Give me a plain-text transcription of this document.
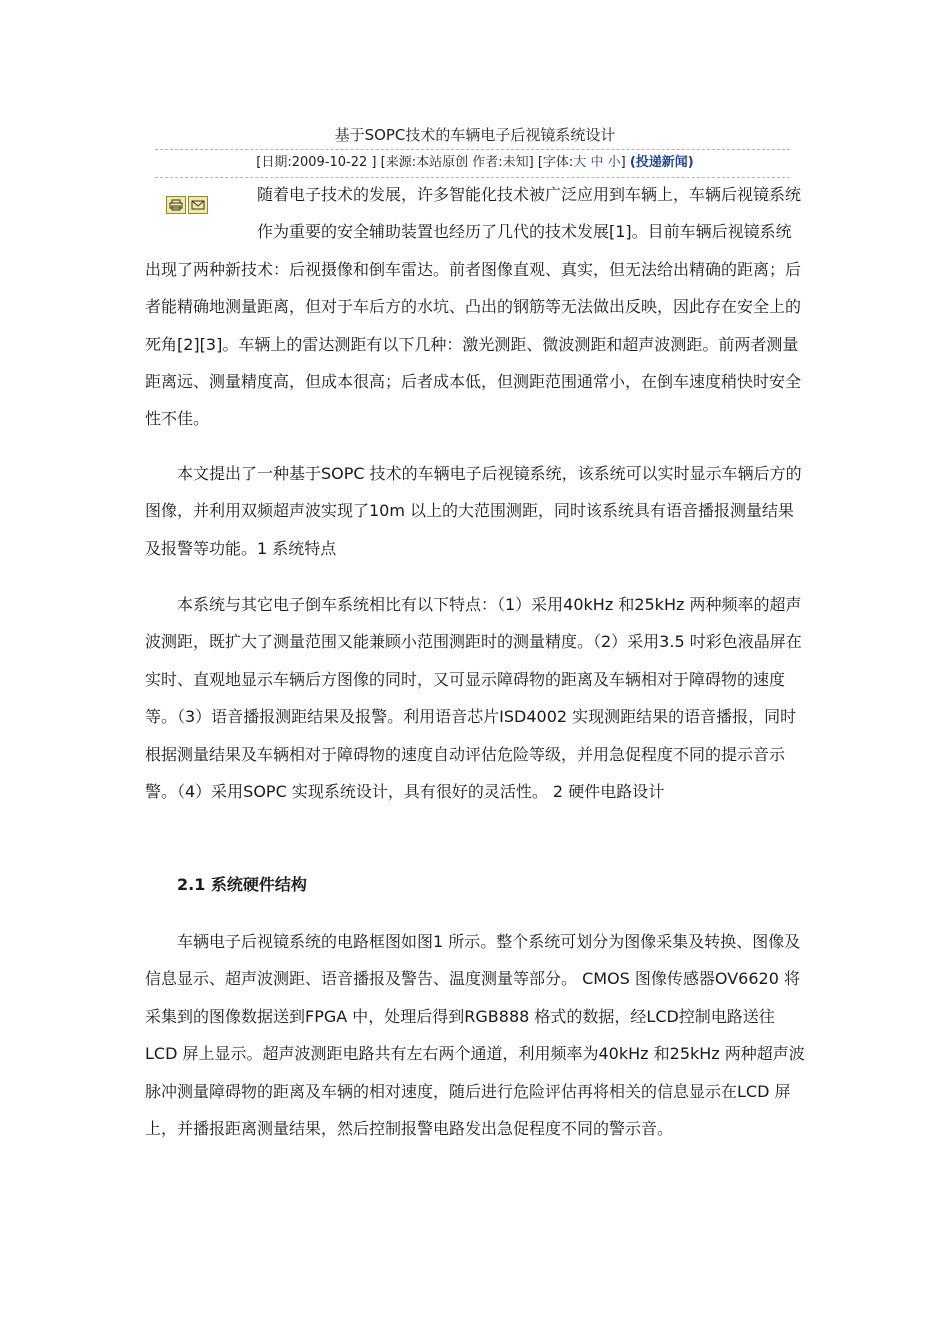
基于SOPC技术的车辆电子后视镜系统设计
[日期:2009-10-22 ] [来源:本站原创 作者:未知] [字体:大 中 小] (投递新闻)

随着电子技术的发展，许多智能化技术被广泛应用到车辆上，车辆后视镜系统作为重要的安全辅助装置也经历了几代的技术发展[1]。目前车辆后视镜系统出现了两种新技术：后视摄像和倒车雷达。前者图像直观、真实，但无法给出精确的距离；后者能精确地测量距离，但对于车后方的水坑、凸出的钢筋等无法做出反映，因此存在安全上的死角[2][3]。车辆上的雷达测距有以下几种：激光测距、微波测距和超声波测距。前两者测量距离远、测量精度高，但成本很高；后者成本低，但测距范围通常小，在倒车速度稍快时安全性不佳。

本文提出了一种基于SOPC 技术的车辆电子后视镜系统，该系统可以实时显示车辆后方的图像，并利用双频超声波实现了10m 以上的大范围测距，同时该系统具有语音播报测量结果及报警等功能。1 系统特点

本系统与其它电子倒车系统相比有以下特点：（1）采用40kHz 和25kHz 两种频率的超声波测距，既扩大了测量范围又能兼顾小范围测距时的测量精度。（2）采用3.5 吋彩色液晶屏在实时、直观地显示车辆后方图像的同时，又可显示障碍物的距离及车辆相对于障碍物的速度等。（3）语音播报测距结果及报警。利用语音芯片ISD4002 实现测距结果的语音播报，同时根据测量结果及车辆相对于障碍物的速度自动评估危险等级，并用急促程度不同的提示音示警。（4）采用SOPC 实现系统设计，具有很好的灵活性。 2 硬件电路设计

2.1 系统硬件结构

车辆电子后视镜系统的电路框图如图1 所示。整个系统可划分为图像采集及转换、图像及信息显示、超声波测距、语音播报及警告、温度测量等部分。 CMOS 图像传感器OV6620 将采集到的图像数据送到FPGA 中，处理后得到RGB888 格式的数据，经LCD控制电路送往LCD 屏上显示。超声波测距电路共有左右两个通道，利用频率为40kHz 和25kHz 两种超声波脉冲测量障碍物的距离及车辆的相对速度，随后进行危险评估再将相关的信息显示在LCD 屏上，并播报距离测量结果，然后控制报警电路发出急促程度不同的警示音。
